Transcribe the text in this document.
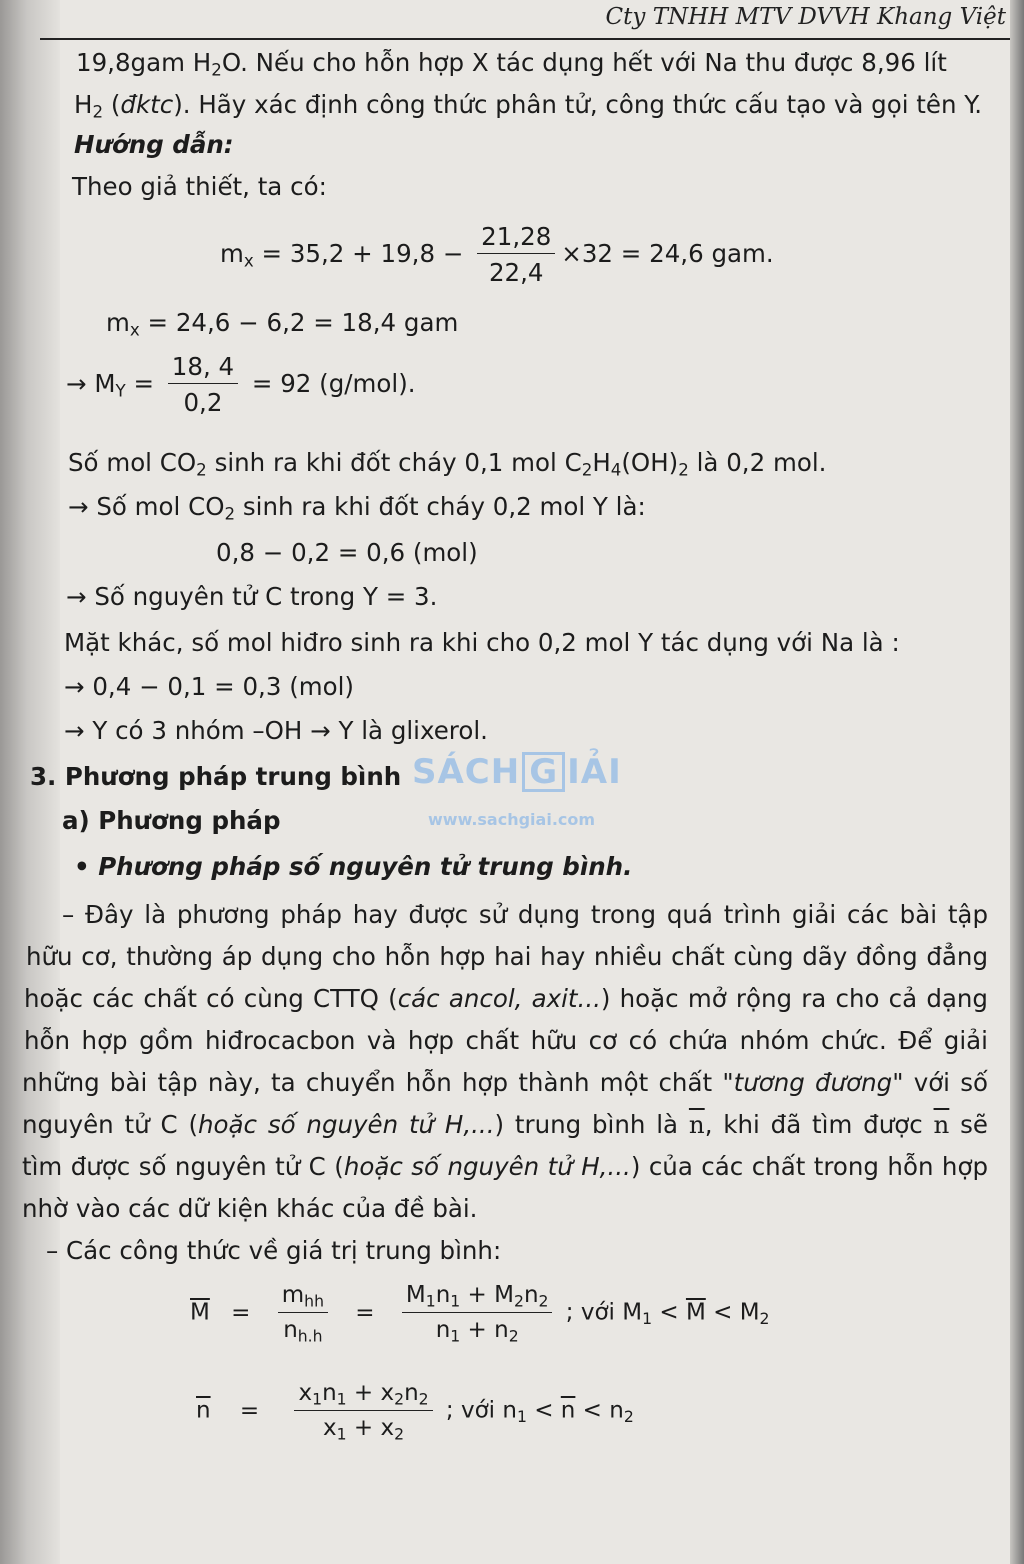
Cty TNHH MTV DVVH Khang Việt
19,8gam $H_2O$. Nếu cho hỗn hợp X tác dụng hết với Na thu được 8,96 lít
$H_2$ (đktc). Hãy xác định công thức phân tử, công thức cấu tạo và gọi tên Y.
Hướng dẫn:
Theo giả thiết, ta có:
$m_x = 35,2 + 19,8 - \frac{21,28}{22,4} \times 32 = 24,6$ gam.
$m_x = 24,6 - 6,2 = 18,4$ gam
→ $M_Y = \frac{18, 4}{0,2} = 92$ (g/mol).
Số mol $CO_2$ sinh ra khi đốt cháy 0,1 mol $C_2H_4(OH)_2$ là 0,2 mol.
→ Số mol $CO_2$ sinh ra khi đốt cháy 0,2 mol Y là:
0,8 − 0,2 = 0,6 (mol)
→ Số nguyên tử C trong Y = 3.
Mặt khác, số mol hiđro sinh ra khi cho 0,2 mol Y tác dụng với Na là :
→ 0,4 − 0,1 = 0,3 (mol)
→ Y có 3 nhóm –OH → Y là glixerol.
SÁCH G IẢI
www.sachgiai.com
3. Phương pháp trung bình
a) Phương pháp
• Phương pháp số nguyên tử trung bình.
– Đây là phương pháp hay được sử dụng trong quá trình giải các bài tập
hữu cơ, thường áp dụng cho hỗn hợp hai hay nhiều chất cùng dãy đồng đẳng
hoặc các chất có cùng CTTQ (các ancol, axit...) hoặc mở rộng ra cho cả dạng
hỗn hợp gồm hiđrocacbon và hợp chất hữu cơ có chứa nhóm chức. Để giải
những bài tập này, ta chuyển hỗn hợp thành một chất "tương đương" với số
nguyên tử C (hoặc số nguyên tử H,...) trung bình là $\overline{n}$, khi đã tìm được $\overline{n}$ sẽ
tìm được số nguyên tử C (hoặc số nguyên tử H,...) của các chất trong hỗn hợp
nhờ vào các dữ kiện khác của đề bài.
– Các công thức về giá trị trung bình:
$\overline{M} = \frac{m_{hh}}{n_{h.h}} = \frac{M_1n_1 + M_2n_2}{n_1 + n_2}$ ; với $M_1 < \overline{M} < M_2$
$\overline{n} = \frac{x_1n_1 + x_2n_2}{x_1 + x_2}$ ; với $n_1 < \overline{n} < n_2$
